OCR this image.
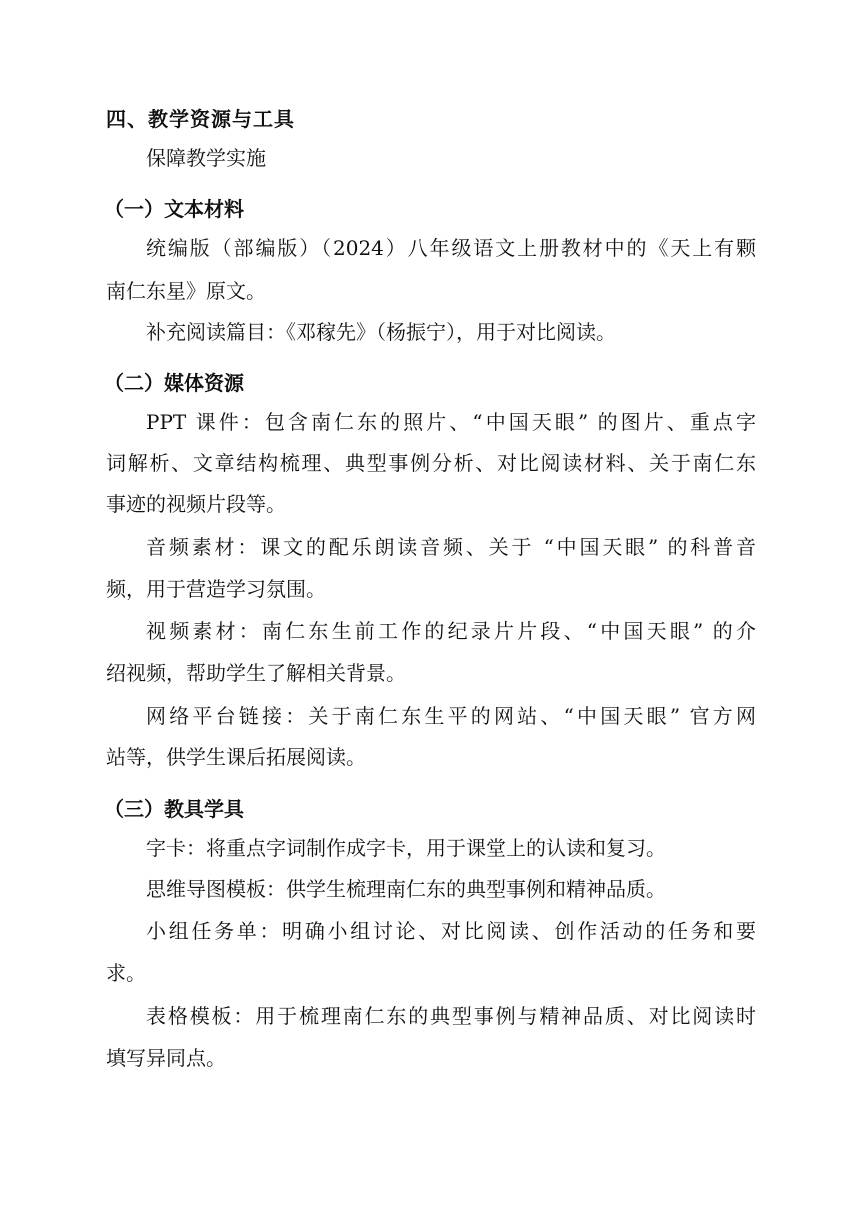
四、教学资源与工具
保障教学实施
（一）文本材料
统编版（部编版）（2024）八年级语文上册教材中的《天上有颗
南仁东星》原文。
补充阅读篇目：《邓稼先》（杨振宁），用于对比阅读。
（二）媒体资源
PPT 课件：包含南仁东的照片、“中国天眼” 的图片、重点字
词解析、文章结构梳理、典型事例分析、对比阅读材料、关于南仁东
事迹的视频片段等。
音频素材：课文的配乐朗读音频、关于 “中国天眼” 的科普音
频，用于营造学习氛围。
视频素材：南仁东生前工作的纪录片片段、“中国天眼” 的介
绍视频，帮助学生了解相关背景。
网络平台链接：关于南仁东生平的网站、“中国天眼” 官方网
站等，供学生课后拓展阅读。
（三）教具学具
字卡：将重点字词制作成字卡，用于课堂上的认读和复习。
思维导图模板：供学生梳理南仁东的典型事例和精神品质。
小组任务单：明确小组讨论、对比阅读、创作活动的任务和要
求。
表格模板：用于梳理南仁东的典型事例与精神品质、对比阅读时
填写异同点。
